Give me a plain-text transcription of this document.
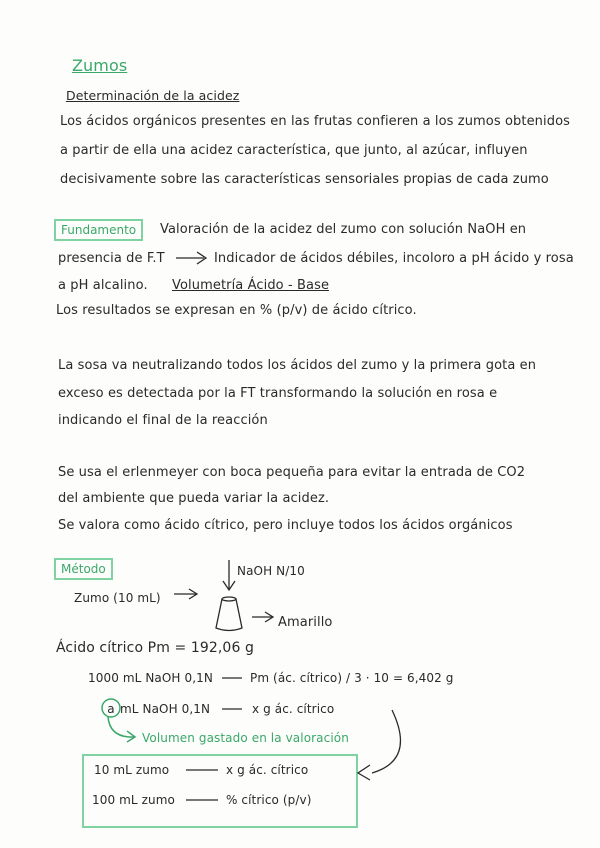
Zumos
Determinación de la acidez
Los ácidos orgánicos presentes en las frutas confieren a los zumos obtenidos
a partir de ella una acidez característica, que junto, al azúcar, influyen
decisivamente sobre las características sensoriales propias de cada zumo
Fundamento	Valoración de la acidez del zumo con solución NaOH en
presencia de F.T	Indicador de ácidos débiles, incoloro a pH ácido y rosa
a pH alcalino. Volumetría Ácido - Base
Los resultados se expresan en % (p/v) de ácido cítrico.
La sosa va neutralizando todos los ácidos del zumo y la primera gota en
exceso es detectada por la FT transformando la solución en rosa e
indicando el final de la reacción
Se usa el erlenmeyer con boca pequeña para evitar la entrada de CO2
del ambiente que pueda variar la acidez.
Se valora como ácido cítrico, pero incluye todos los ácidos orgánicos
Método	NaOH N/10
Zumo (10 mL)
Amarillo
Ácido cítrico Pm = 192,06 g
1000 mL NaOH 0,1N	Pm (ác. cítrico) / 3 · 10 = 6,402 g
a mL NaOH 0,1N	x g ác. cítrico
Volumen gastado en la valoración
10 mL zumo	x g ác. cítrico
100 mL zumo	% cítrico (p/v)
